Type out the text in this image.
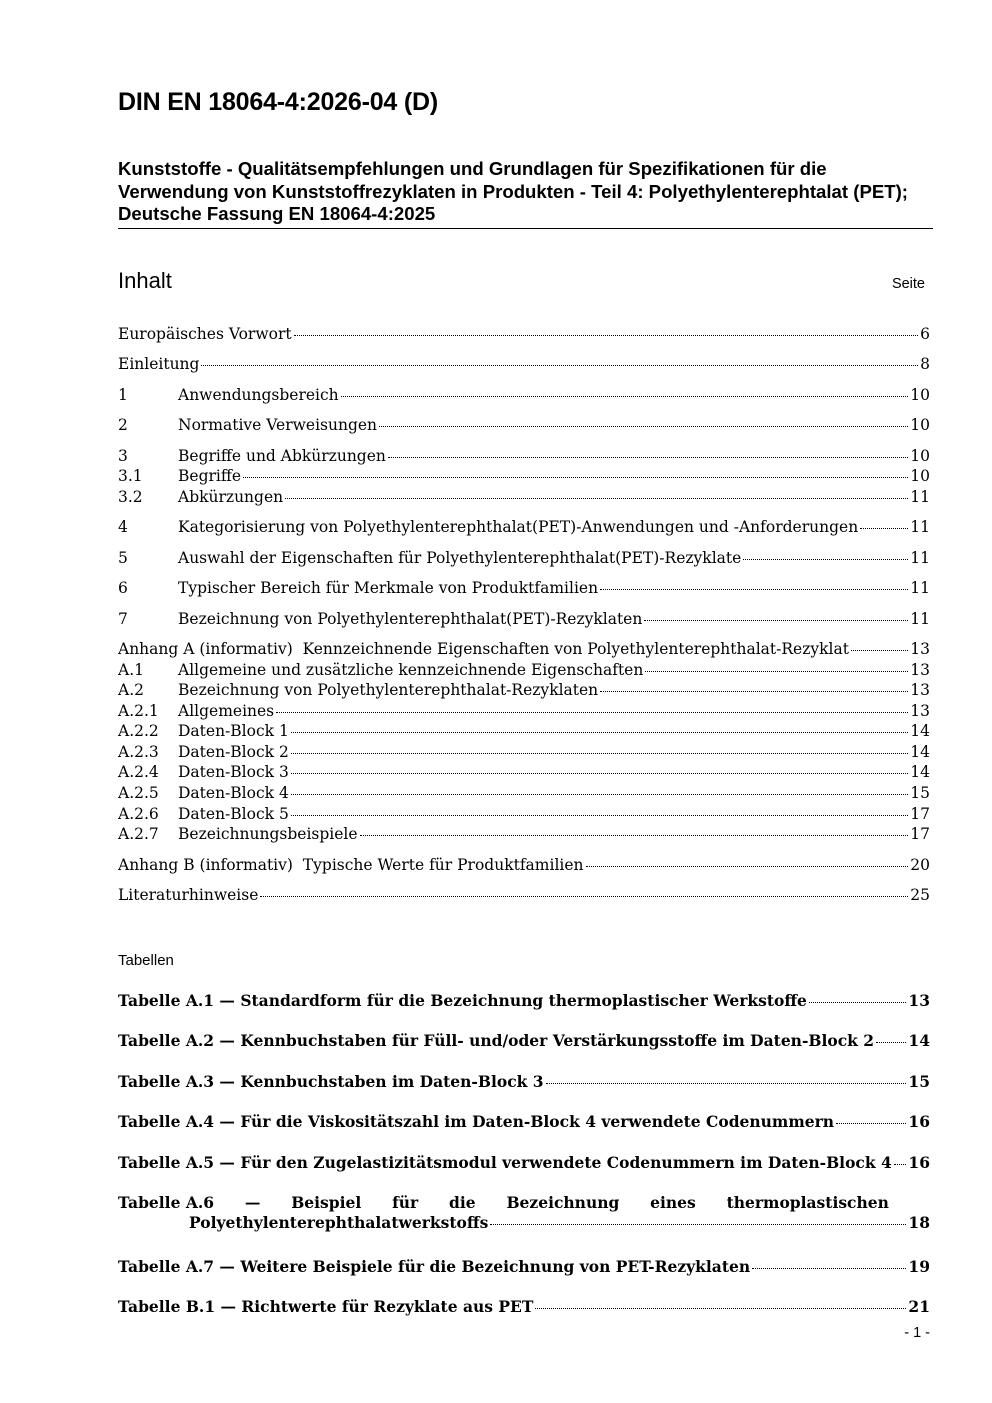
DIN EN 18064-4:2026-04 (D)
Kunststoffe - Qualitätsempfehlungen und Grundlagen für Spezifikationen für die Verwendung von Kunststoffrezyklaten in Produkten - Teil 4: Polyethylenterephtalat (PET); Deutsche Fassung EN 18064-4:2025
Inhalt	Seite
Europäisches Vorwort	6
Einleitung	8
1	Anwendungsbereich	10
2	Normative Verweisungen	10
3	Begriffe und Abkürzungen	10
3.1	Begriffe	10
3.2	Abkürzungen	11
4	Kategorisierung von Polyethylenterephthalat(PET)-Anwendungen und -Anforderungen	11
5	Auswahl der Eigenschaften für Polyethylenterephthalat(PET)-Rezyklate	11
6	Typischer Bereich für Merkmale von Produktfamilien	11
7	Bezeichnung von Polyethylenterephthalat(PET)-Rezyklaten	11
Anhang A (informativ)  Kennzeichnende Eigenschaften von Polyethylenterephthalat-Rezyklat	13
A.1	Allgemeine und zusätzliche kennzeichnende Eigenschaften	13
A.2	Bezeichnung von Polyethylenterephthalat-Rezyklaten	13
A.2.1	Allgemeines	13
A.2.2	Daten-Block 1	14
A.2.3	Daten-Block 2	14
A.2.4	Daten-Block 3	14
A.2.5	Daten-Block 4	15
A.2.6	Daten-Block 5	17
A.2.7	Bezeichnungsbeispiele	17
Anhang B (informativ)  Typische Werte für Produktfamilien	20
Literaturhinweise	25
Tabellen
Tabelle A.1 — Standardform für die Bezeichnung thermoplastischer Werkstoffe	13
Tabelle A.2 — Kennbuchstaben für Füll- und/oder Verstärkungsstoffe im Daten-Block 2 14
Tabelle A.3 — Kennbuchstaben im Daten-Block 3	15
Tabelle A.4 — Für die Viskositätszahl im Daten-Block 4 verwendete Codenummern	16
Tabelle A.5 — Für den Zugelastizitätsmodul verwendete Codenummern im Daten-Block 4 16
Tabelle A.6 — Beispiel für die Bezeichnung eines thermoplastischen
Polyethylenterephthalatwerkstoffs	18
Tabelle A.7 — Weitere Beispiele für die Bezeichnung von PET-Rezyklaten	19
Tabelle B.1 — Richtwerte für Rezyklate aus PET	21
- 1 -
